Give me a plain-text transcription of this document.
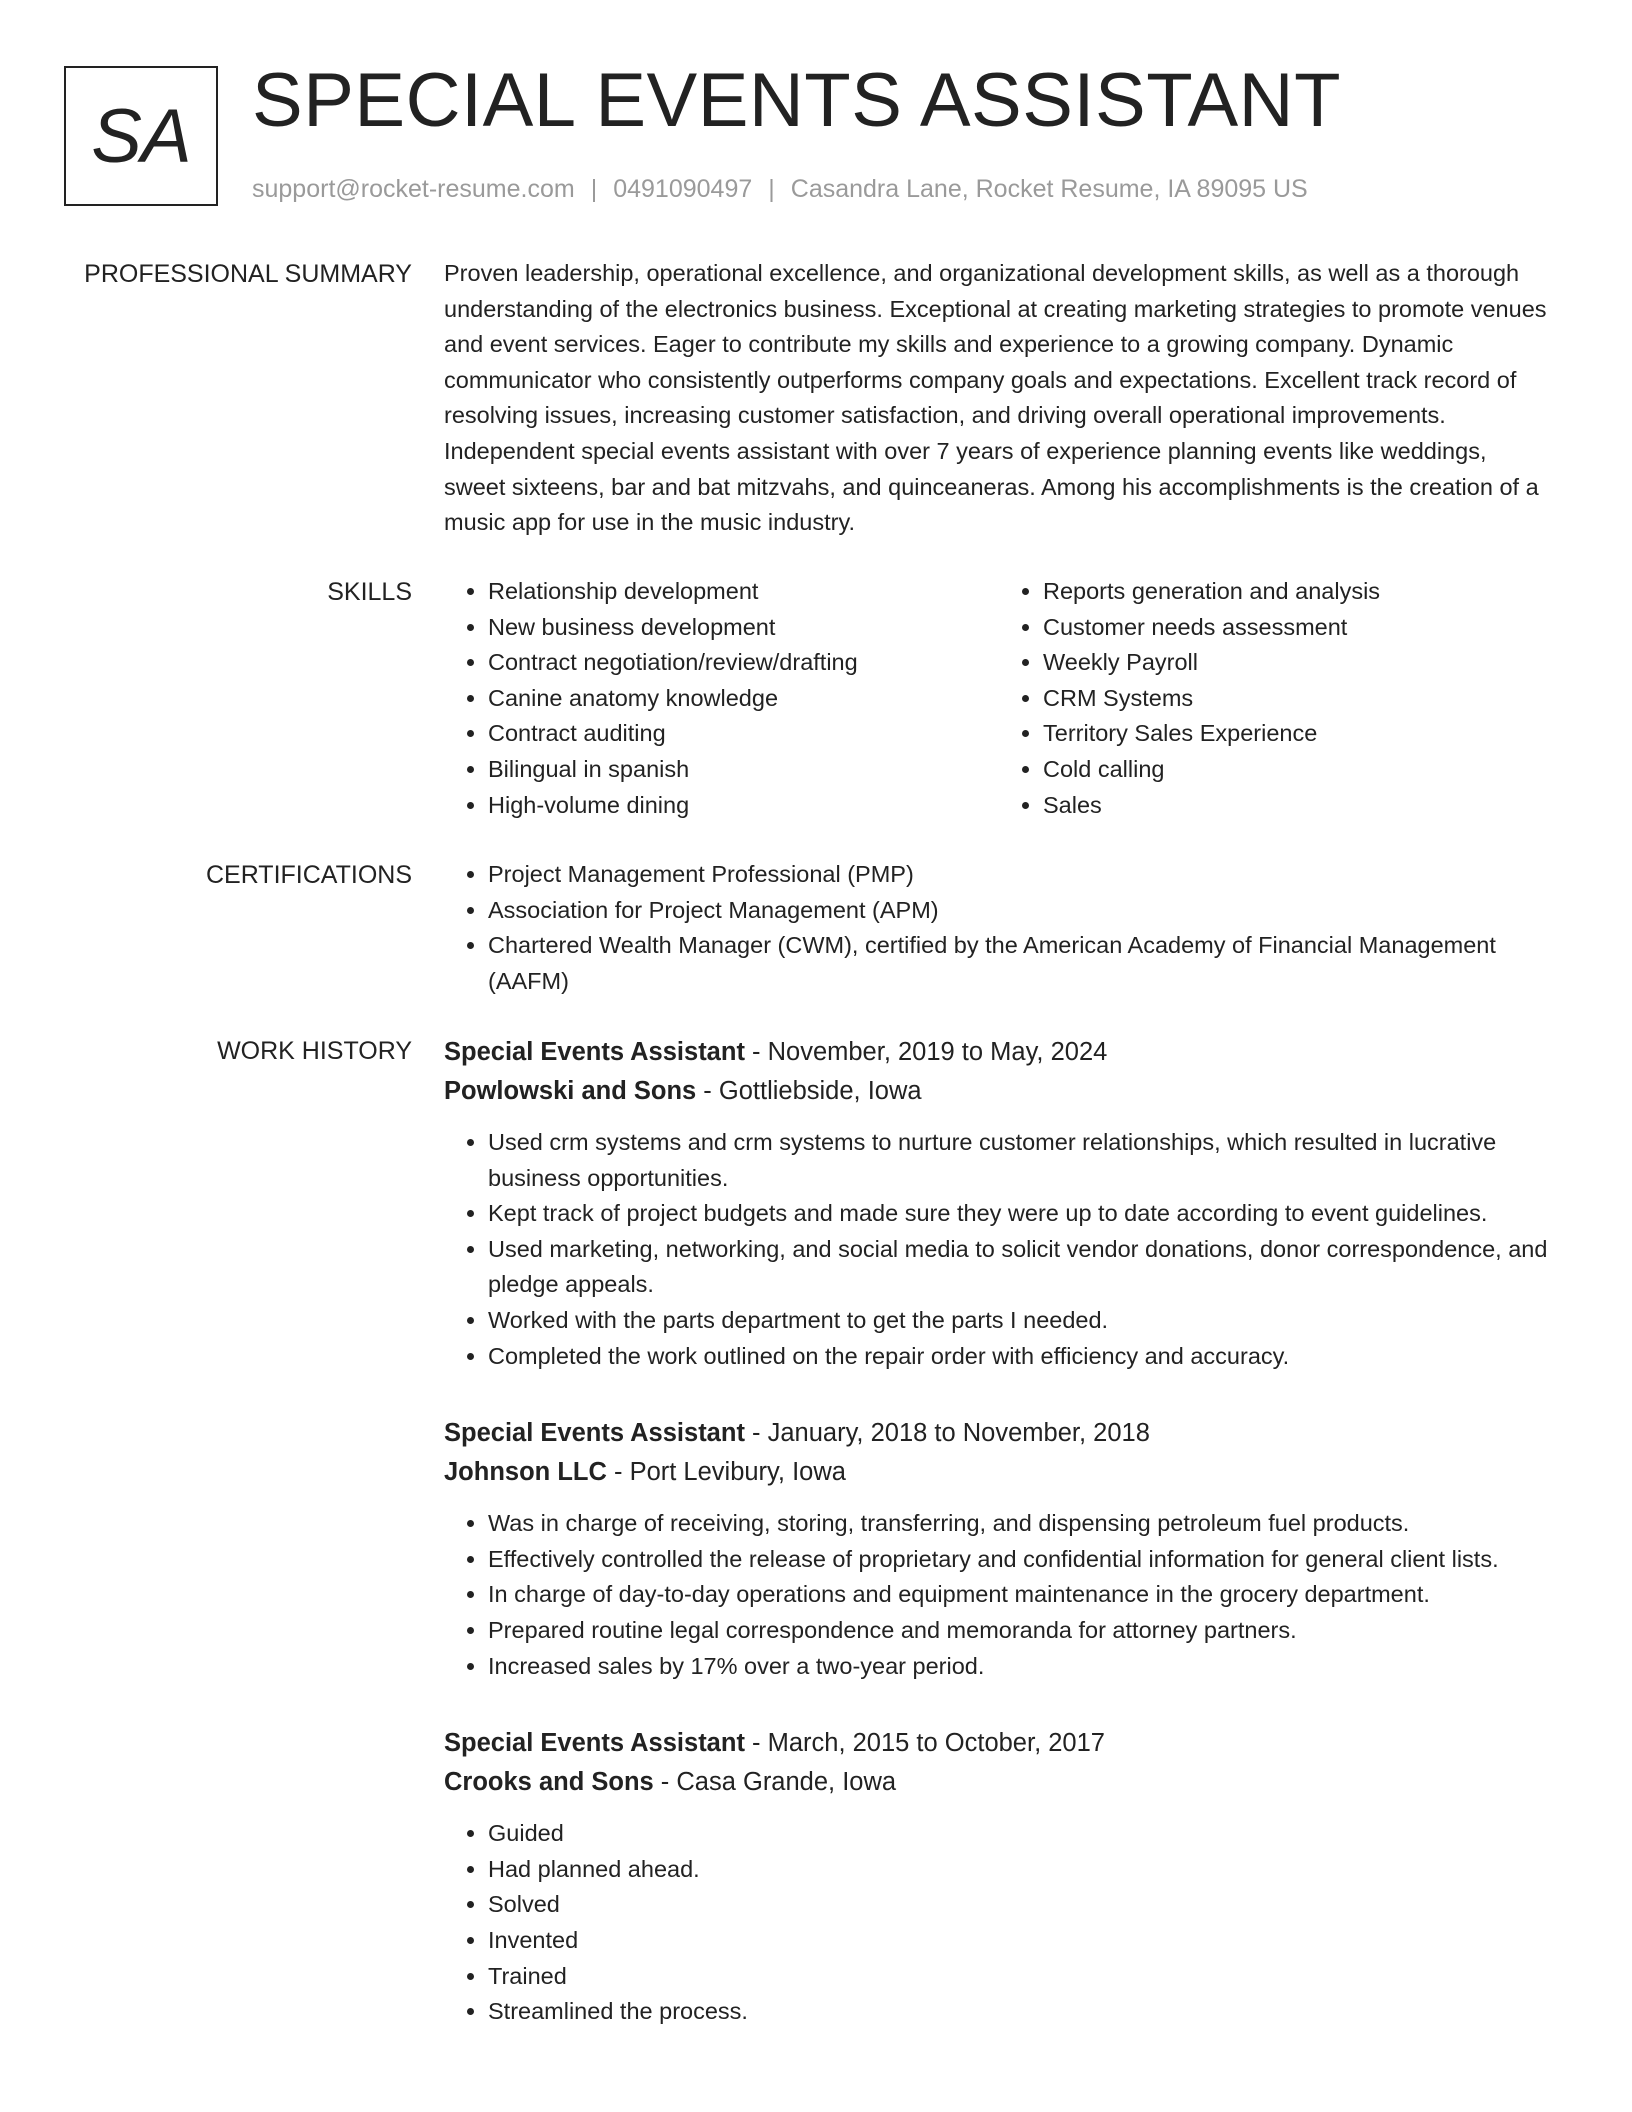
SA SPECIAL EVENTS ASSISTANT
support@rocket-resume.com | 0491090497 | Casandra Lane, Rocket Resume, IA 89095 US
PROFESSIONAL SUMMARY Proven leadership, operational excellence, and organizational development skills, as well as a thorough understanding of the electronics business. Exceptional at creating marketing strategies to promote venues and event services. Eager to contribute my skills and experience to a growing company. Dynamic communicator who consistently outperforms company goals and expectations. Excellent track record of resolving issues, increasing customer satisfaction, and driving overall operational improvements. Independent special events assistant with over 7 years of experience planning events like weddings, sweet sixteens, bar and bat mitzvahs, and quinceaneras. Among his accomplishments is the creation of a music app for use in the music industry.

SKILLS	• Relationship development
• New business development
• Contract negotiation/review/drafting
• Canine anatomy knowledge
• Contract auditing
• Bilingual in spanish
• High-volume dining
• Reports generation and analysis
• Customer needs assessment
• Weekly Payroll
• CRM Systems
• Territory Sales Experience
• Cold calling
• Sales
CERTIFICATIONS	• Project Management Professional (PMP)
• Association for Project Management (APM)
• Chartered Wealth Manager (CWM), certified by the American Academy of Financial Management (AAFM)
WORK HISTORY Special Events Assistant - November, 2019 to May, 2024
Powlowski and Sons - Gottliebside, Iowa
• Used crm systems and crm systems to nurture customer relationships, which resulted in lucrative business opportunities.
• Kept track of project budgets and made sure they were up to date according to event guidelines.
• Used marketing, networking, and social media to solicit vendor donations, donor correspondence, and pledge appeals.
• Worked with the parts department to get the parts I needed.
• Completed the work outlined on the repair order with efficiency and accuracy.
Special Events Assistant - January, 2018 to November, 2018
Johnson LLC - Port Levibury, Iowa
• Was in charge of receiving, storing, transferring, and dispensing petroleum fuel products.
• Effectively controlled the release of proprietary and confidential information for general client lists.
• In charge of day-to-day operations and equipment maintenance in the grocery department.
• Prepared routine legal correspondence and memoranda for attorney partners.
• Increased sales by 17% over a two-year period.
Special Events Assistant - March, 2015 to October, 2017
Crooks and Sons - Casa Grande, Iowa
• Guided
• Had planned ahead.
• Solved
• Invented
• Trained
• Streamlined the process.
